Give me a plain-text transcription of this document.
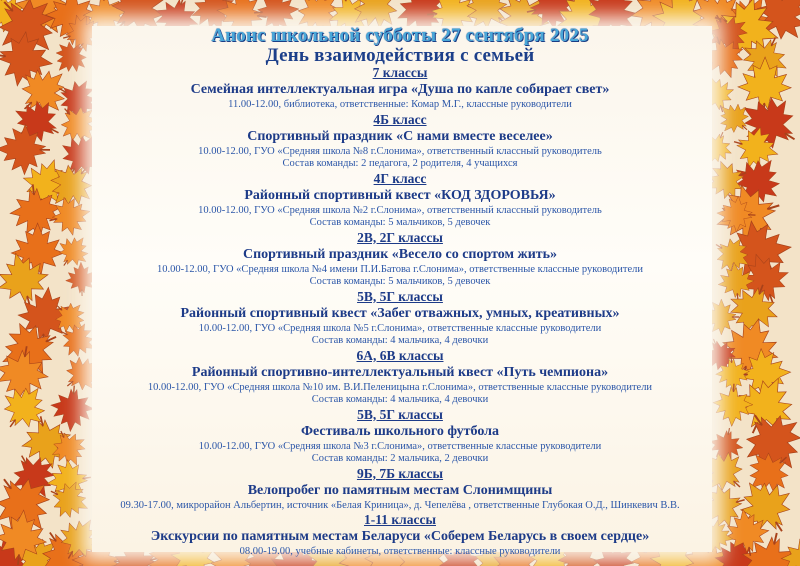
Анонс школьной субботы 27 сентября 2025
День взаимодействия с семьей
7 классы
Семейная интеллектуальная игра «Душа по капле собирает свет»
11.00-12.00, библиотека, ответственные: Комар М.Г., классные руководители
4Б класс
Спортивный праздник «С нами вместе веселее»
10.00-12.00, ГУО «Средняя школа №8 г.Слонима», ответственный классный руководитель
Состав команды: 2 педагога, 2 родителя, 4 учащихся
4Г класс
Районный спортивный квест «КОД ЗДОРОВЬЯ»
10.00-12.00, ГУО «Средняя школа №2 г.Слонима», ответственный классный руководитель
Состав команды: 5 мальчиков, 5 девочек
2В, 2Г классы
Спортивный праздник «Весело со спортом жить»
10.00-12.00, ГУО «Средняя школа №4 имени П.И.Батова г.Слонима», ответственные классные руководители
Состав команды: 5 мальчиков, 5 девочек
5В, 5Г классы
Районный спортивный квест «Забег отважных, умных, креативных»
10.00-12.00, ГУО «Средняя школа №5 г.Слонима», ответственные классные руководители
Состав команды: 4 мальчика, 4 девочки
6А, 6В классы
Районный спортивно-интеллектуальный квест «Путь чемпиона»
10.00-12.00, ГУО «Средняя школа №10 им. В.И.Пеленицына г.Слонима», ответственные классные руководители
Состав команды: 4 мальчика, 4 девочки
5В, 5Г классы
Фестиваль школьного футбола
10.00-12.00, ГУО «Средняя школа №3 г.Слонима», ответственные классные руководители
Состав команды: 2 мальчика, 2 девочки
9Б, 7Б классы
Велопробег по памятным местам Слонимщины
09.30-17.00, микрорайон Альбертин, источник «Белая Криница», д. Чепелёва , ответственные Глубокая О.Д., Шинкевич В.В.
1-11 классы
Экскурсии по памятным местам Беларуси «Соберем Беларусь в своем сердце»
08.00-19.00, учебные кабинеты, ответственные: классные руководители
